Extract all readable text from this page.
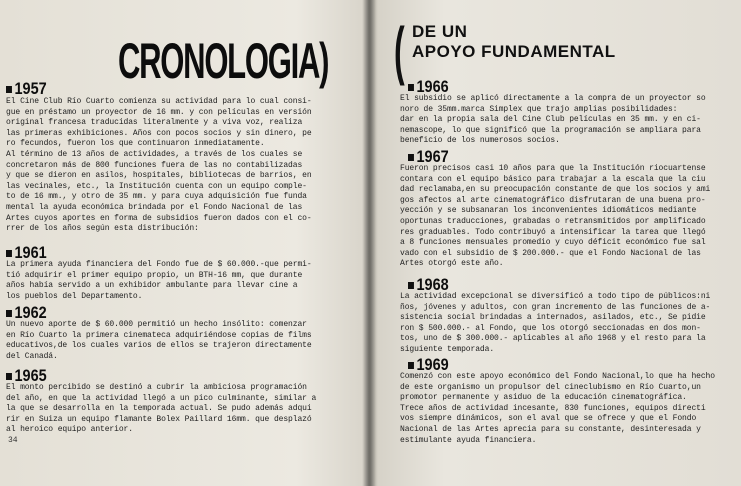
CRONOLOGIA)
1957

El Cine Club Río Cuarto comienza su actividad para lo cual consi-

gue en préstamo un proyector de 16 mm. y con películas en versión

original francesa traducidas literalmente y a viva voz, realiza

las primeras exhibiciones. Años con pocos socios y sin dinero, pe

ro fecundos, fueron los que continuaron inmediatamente.

Al término de 13 años de actividades, a través de los cuales se

concretaron más de 800 funciones fuera de las no contabilizadas

y que se dieron en asilos, hospitales, bibliotecas de barrios, en

las vecinales, etc., la Institución cuenta con un equipo comple-

to de 16 mm., y otro de 35 mm. y para cuya adquisición fue funda

mental la ayuda económica brindada por el Fondo Nacional de las

Artes cuyos aportes en forma de subsidios fueron dados con el co-

rrer de los años según esta distribución:

1961

La primera ayuda financiera del Fondo fue de $ 60.000.-que permi-

tió adquirir el primer equipo propio, un BTH-16 mm, que durante

años había servido a un exhibidor ambulante para llevar cine a

los pueblos del Departamento.

1962

Un nuevo aporte de $ 60.000 permitió un hecho insólito: comenzar

en Río Cuarto la primera cinemateca adquiriéndose copias de films

educativos,de los cuales varios de ellos se trajeron directamente

del Canadá.

1965

El monto percibido se destinó a cubrir la ambiciosa programación

del año, en que la actividad llegó a un pico culminante, similar a

la que se desarrolla en la temporada actual. Se pudo además adqui

rir en Suiza un equipo flamante Bolex Paillard 16mm. que desplazó

al heroico equipo anterior.

34
( DE UN
APOYO FUNDAMENTAL
1966

El subsidio se aplicó directamente a la compra de un proyector so

noro de 35mm.marca Simplex que trajo amplias posibilidades:

dar en la propia sala del Cine Club películas en 35 mm. y en ci-

nemascope, lo que significó que la programación se ampliara para

beneficio de los numerosos socios.

1967

Fueron precisos casi 10 años para que la Institución riocuartense

contara con el equipo básico para trabajar a la escala que la ciu

dad reclamaba,en su preocupación constante de que los socios y ami

gos afectos al arte cinematográfico disfrutaran de una buena pro-

yección y se subsanaran los inconvenientes idiomáticos mediante

oportunas traducciones, grabadas o retransmitidos por amplificado

res graduables. Todo contribuyó a intensificar la tarea que llegó

a 8 funciones mensuales promedio y cuyo déficit económico fue sal

vado con el subsidio de $ 200.000.- que el Fondo Nacional de las

Artes otorgó este año.

1968

La actividad excepcional se diversificó a todo tipo de públicos:ni

ños, jóvenes y adultos, con gran incremento de las funciones de a-

sistencia social brindadas a internados, asilados, etc., Se pidie

ron $ 500.000.- al Fondo, que los otorgó seccionadas en dos mon-

tos, uno de $ 300.000.- aplicables al año 1968 y el resto para la

siguiente temporada.

1969

Comenzó con este apoyo económico del Fondo Nacional,lo que ha hecho

de este organismo un propulsor del cineclubismo en Río Cuarto,un

promotor permanente y asiduo de la educación cinematográfica.

Trece años de actividad incesante, 830 funciones, equipos directi

vos siempre dinámicos, son el aval que se ofrece y que el Fondo

Nacional de las Artes aprecia para su constante, desinteresada y

estimulante ayuda financiera.
